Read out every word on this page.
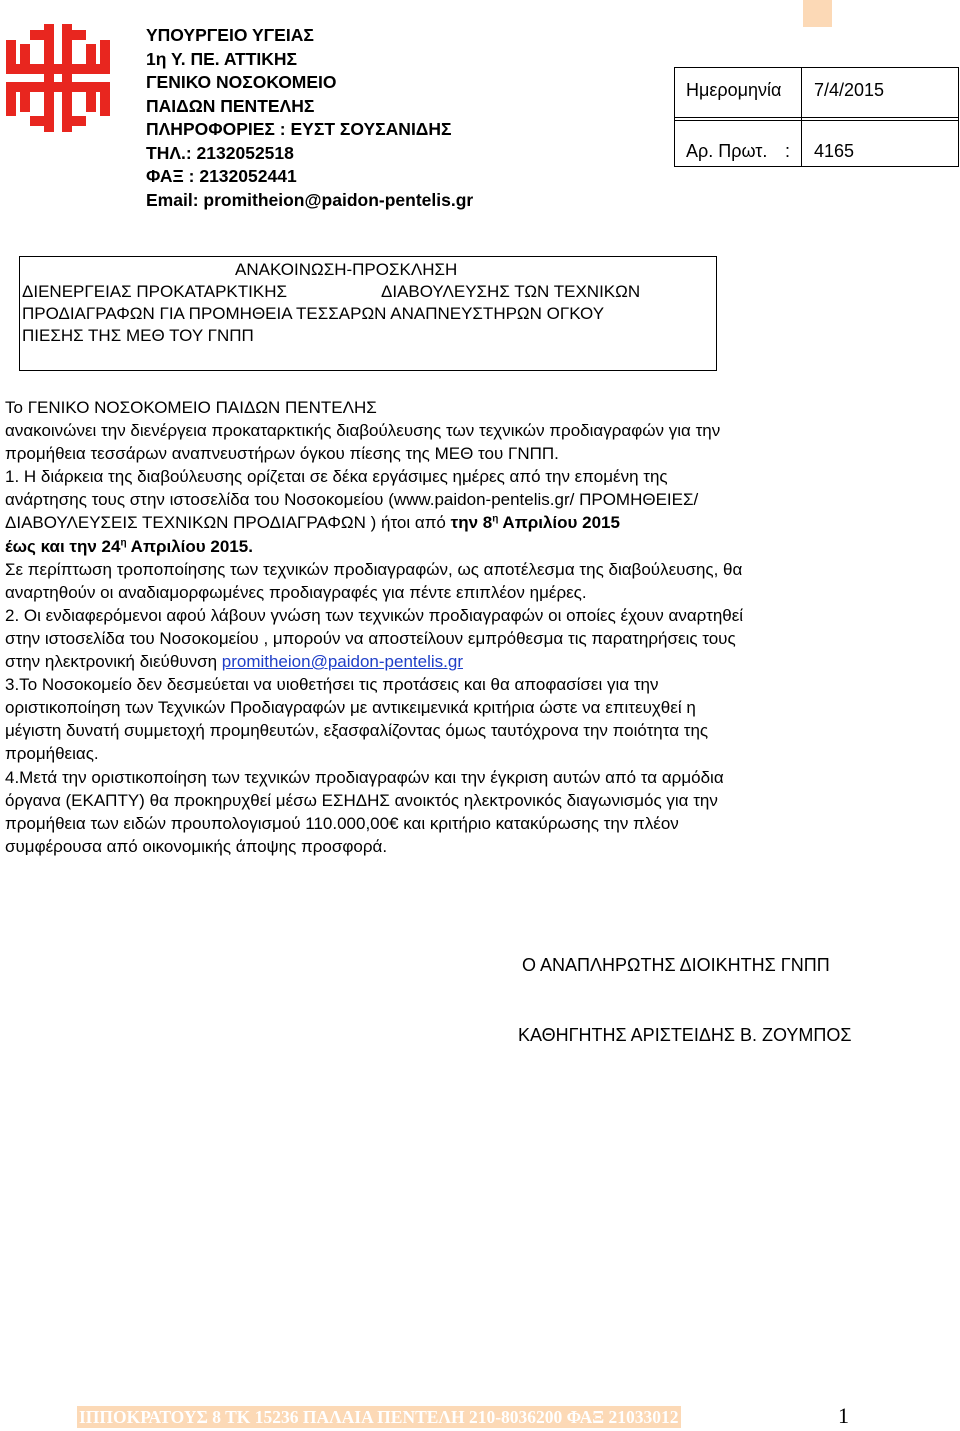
ΥΠΟΥΡΓΕΙΟ ΥΓΕΙΑΣ
1η Υ. ΠΕ. ΑΤΤΙΚΗΣ
ΓΕΝΙΚΟ ΝΟΣΟΚΟΜΕΙΟ
ΠΑΙΔΩΝ ΠΕΝΤΕΛΗΣ
ΠΛΗΡΟΦΟΡΙΕΣ : ΕΥΣΤ ΣΟΥΣΑΝΙΔΗΣ
ΤΗΛ.: 2132052518
ΦΑΞ : 2132052441
Email: promitheion@paidon-pentelis.gr
Ημερομηνία 7/4/2015
Αρ. Πρωτ. : 4165
ΑΝΑΚΟΙΝΩΣΗ-ΠΡΟΣΚΛΗΣΗ
ΔΙΕΝΕΡΓΕΙΑΣ ΠΡΟΚΑΤΑΡΚΤΙΚΗΣ	ΔΙΑΒΟΥΛΕΥΣΗΣ ΤΩΝ ΤΕΧΝΙΚΩΝ
ΠΡΟΔΙΑΓΡΑΦΩΝ ΓΙΑ ΠΡΟΜΗΘΕΙΑ ΤΕΣΣΑΡΩΝ ΑΝΑΠΝΕΥΣΤΗΡΩΝ ΟΓΚΟΥ
ΠΙΕΣΗΣ ΤΗΣ ΜΕΘ ΤΟΥ ΓΝΠΠ
Το ΓΕΝΙΚΟ ΝΟΣΟΚΟΜΕΙΟ ΠΑΙΔΩΝ ΠΕΝΤΕΛΗΣ
ανακοινώνει την διενέργεια προκαταρκτικής διαβούλευσης των τεχνικών προδιαγραφών για την
προμήθεια τεσσάρων αναπνευστήρων όγκου πίεσης της ΜΕΘ του ΓΝΠΠ.
1. Η διάρκεια της διαβούλευσης ορίζεται σε δέκα εργάσιμες ημέρες από την επομένη της
ανάρτησης τους στην ιστοσελίδα του Νοσοκομείου (www.paidon-pentelis.gr/ ΠΡΟΜΗΘΕΙΕΣ/
ΔΙΑΒΟΥΛΕΥΣΕΙΣ ΤΕΧΝΙΚΩΝ ΠΡΟΔΙΑΓΡΑΦΩΝ ) ήτοι από την $8^\eta$ Απριλίου 2015
έως και την $24^\eta$ Απριλίου 2015.
Σε περίπτωση τροποποίησης των τεχνικών προδιαγραφών, ως αποτέλεσμα της διαβούλευσης, θα
αναρτηθούν οι αναδιαμορφωμένες προδιαγραφές για πέντε επιπλέον ημέρες.
2. Οι ενδιαφερόμενοι αφού λάβουν γνώση των τεχνικών προδιαγραφών οι οποίες έχουν αναρτηθεί
στην ιστοσελίδα του Νοσοκομείου , μπορούν να αποστείλουν εμπρόθεσμα τις παρατηρήσεις τους
στην ηλεκτρονική διεύθυνση promitheion@paidon-pentelis.gr
3.Το Νοσοκομείο δεν δεσμεύεται να υιοθετήσει τις προτάσεις και θα αποφασίσει για την
οριστικοποίηση των Τεχνικών Προδιαγραφών με αντικειμενικά κριτήρια ώστε να επιτευχθεί η
μέγιστη δυνατή συμμετοχή προμηθευτών, εξασφαλίζοντας όμως ταυτόχρονα την ποιότητα της
προμήθειας.
4.Μετά την οριστικοποίηση των τεχνικών προδιαγραφών και την έγκριση αυτών από τα αρμόδια
όργανα (ΕΚΑΠΤΥ) θα προκηρυχθεί μέσω ΕΣΗΔΗΣ ανοικτός ηλεκτρονικός διαγωνισμός για την
προμήθεια των ειδών προυπολογισμού 110.000,00€ και κριτήριο κατακύρωσης την πλέον
συμφέρουσα από οικονομικής άποψης προσφορά.
Ο ΑΝΑΠΛΗΡΩΤΗΣ ΔΙΟΙΚΗΤΗΣ ΓΝΠΠ
ΚΑΘΗΓΗΤΗΣ ΑΡΙΣΤΕΙΔΗΣ Β. ΖΟΥΜΠΟΣ
ΙΠΠΟΚΡΑΤΟΥΣ 8 ΤΚ 15236 ΠΑΛΑΙΑ ΠΕΝΤΕΛΗ 210-8036200 ΦΑΞ 21033012	1
